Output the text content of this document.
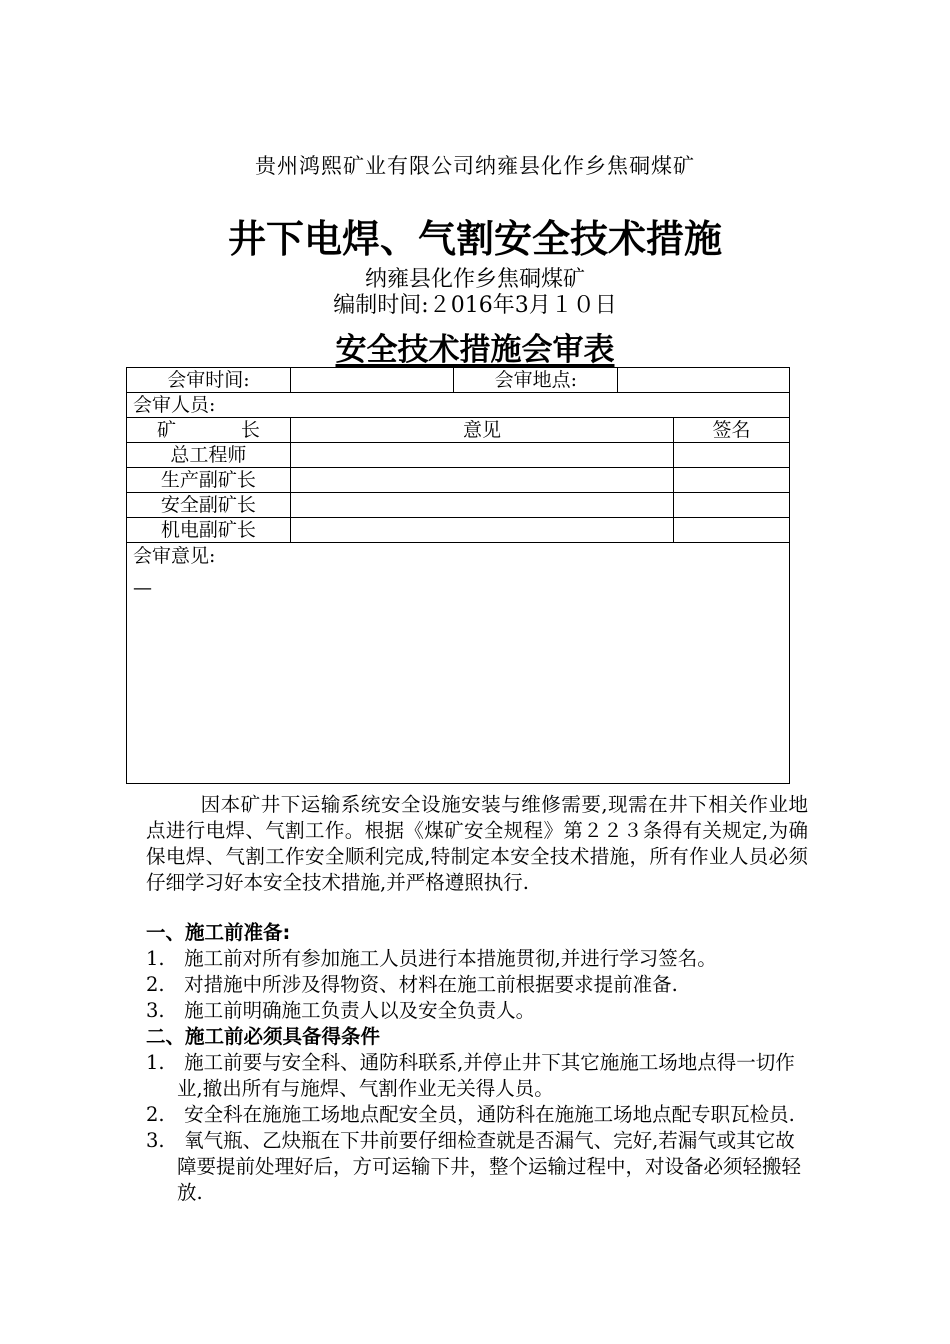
贵州鸿熙矿业有限公司纳雍县化作乡焦硐煤矿
井下电焊、气割安全技术措施
纳雍县化作乡焦硐煤矿
编制时间:２016年3月１０日
安全技术措施会审表
会审时间:		会审地点:		
会审人员:				
矿长	意见			签名
总工程师				
生产副矿长				
安全副矿长				
机电副矿长				
会审意见:
—				
因本矿井下运输系统安全设施安装与维修需要,现需在井下相关作业地点进行电焊、气割工作。根据《煤矿安全规程》第２２３条得有关规定,为确保电焊、气割工作安全顺利完成,特制定本安全技术措施，所有作业人员必须仔细学习好本安全技术措施,并严格遵照执行.
一、施工前准备:
1.　施工前对所有参加施工人员进行本措施贯彻,并进行学习签名。
2.　对措施中所涉及得物资、材料在施工前根据要求提前准备.
3.　施工前明确施工负责人以及安全负责人。
二、施工前必须具备得条件
1.　施工前要与安全科、通防科联系,并停止井下其它施施工场地点得一切作业,撤出所有与施焊、气割作业无关得人员。
2.　安全科在施施工场地点配安全员，通防科在施施工场地点配专职瓦检员.
3.　氧气瓶、乙炔瓶在下井前要仔细检查就是否漏气、完好,若漏气或其它故障要提前处理好后，方可运输下井，整个运输过程中，对设备必须轻搬轻放.
